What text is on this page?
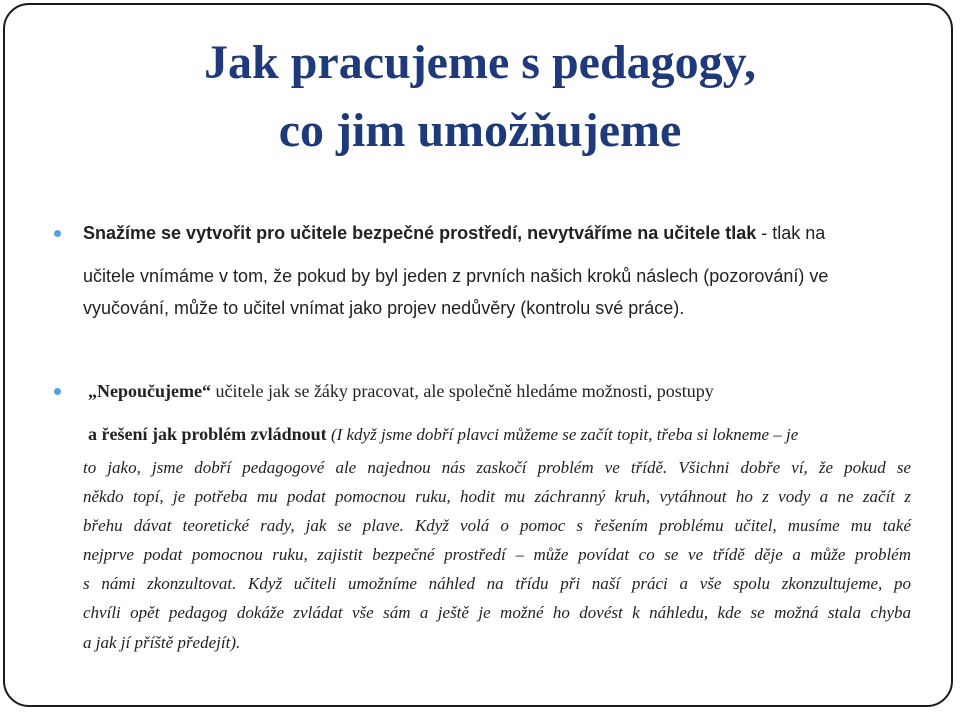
Jak pracujeme s pedagogy,
co jim umožňujeme

Snažíme se vytvořit pro učitele bezpečné prostředí, nevytváříme na učitele tlak - tlak na

učitele vnímáme v tom, že pokud by byl jeden z prvních našich kroků náslech (pozorování) ve

vyučování, může to učitel vnímat jako projev nedůvěry (kontrolu své práce).

„Nepoučujeme“ učitele jak se žáky pracovat, ale společně hledáme možnosti, postupy

a řešení jak problém zvládnout (I když jsme dobří plavci můžeme se začít topit, třeba si lokneme – je

to jako, jsme dobří pedagogové ale najednou nás zaskočí problém ve třídě. Všichni dobře ví, že pokud se

někdo topí, je potřeba mu podat pomocnou ruku, hodit mu záchranný kruh, vytáhnout ho z vody a ne začít z

břehu dávat teoretické rady, jak se plave. Když volá o pomoc s řešením problému učitel, musíme mu také

nejprve podat pomocnou ruku, zajistit bezpečné prostředí – může povídat co se ve třídě děje a může problém

s námi zkonzultovat. Když učiteli umožníme náhled na třídu při naší práci a vše spolu zkonzultujeme, po

chvíli opět pedagog dokáže zvládat vše sám a ještě je možné ho dovést k náhledu, kde se možná stala chyba

a jak jí příště předejít).
